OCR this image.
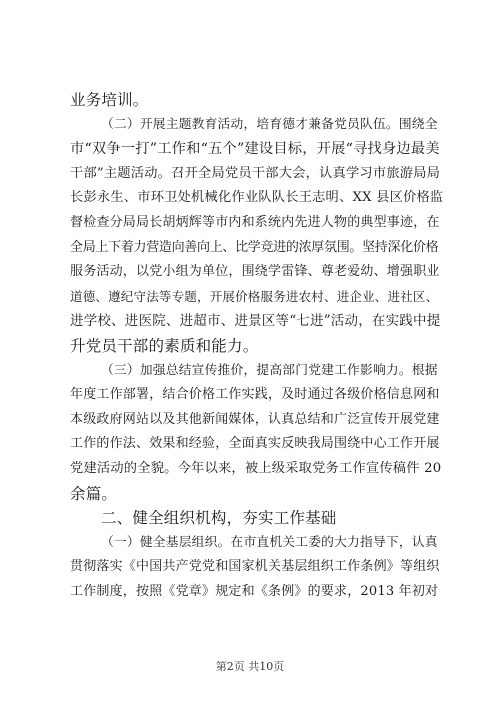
业务培训。
（二）开展主题教育活动，培育德才兼备党员队伍。围绕全
市“双争一打”工作和“五个”建设目标，开展“寻找身边最美
干部”主题活动。召开全局党员干部大会，认真学习市旅游局局
长彭永生、市环卫处机械化作业队队长王志明、XX 县区价格监
督检查分局局长胡炳辉等市内和系统内先进人物的典型事迹，在
全局上下着力营造向善向上、比学竞进的浓厚氛围。坚持深化价格
服务活动，以党小组为单位，围绕学雷锋、尊老爱幼、增强职业
道德、遵纪守法等专题，开展价格服务进农村、进企业、进社区、
进学校、进医院、进超市、进景区等“七进”活动，在实践中提
升党员干部的素质和能力。
（三）加强总结宣传推价，提高部门党建工作影响力。根据
年度工作部署，结合价格工作实践，及时通过各级价格信息网和
本级政府网站以及其他新闻媒体，认真总结和广泛宣传开展党建
工作的作法、效果和经验，全面真实反映我局围绕中心工作开展
党建活动的全貌。今年以来，被上级采取党务工作宣传稿件 20
余篇。
二、健全组织机构，夯实工作基础
（一）健全基层组织。在市直机关工委的大力指导下，认真
贯彻落实《中国共产党党和国家机关基层组织工作条例》等组织
工作制度，按照《党章》规定和《条例》的要求，2013 年初对
第2页 共10页
